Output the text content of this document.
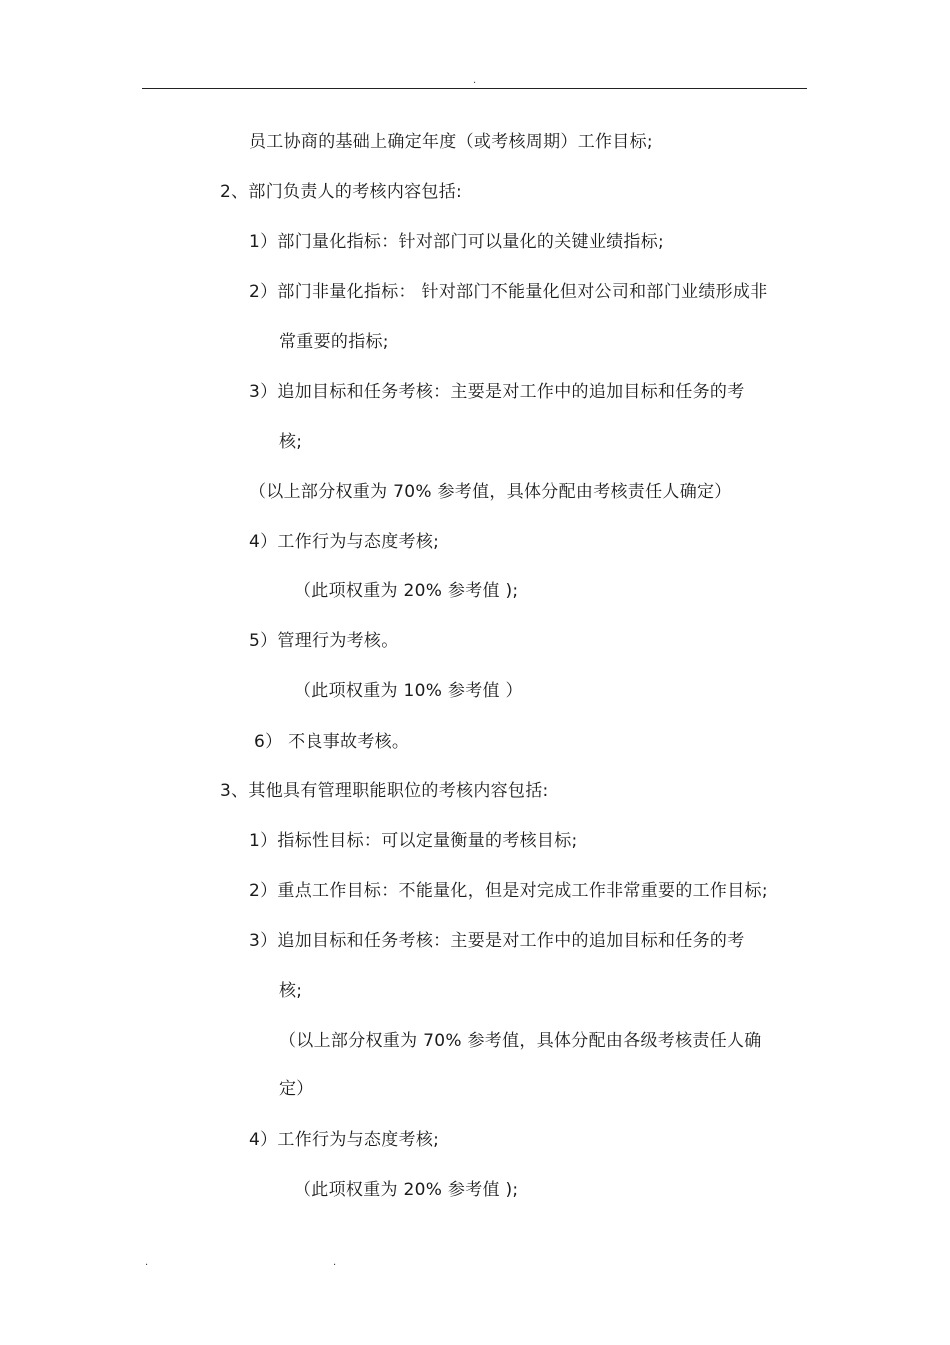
.
员工协商的基础上确定年度（或考核周期）工作目标;
2、部门负责人的考核内容包括:
1）部门量化指标：针对部门可以量化的关键业绩指标;
2）部门非量化指标： 针对部门不能量化但对公司和部门业绩形成非
常重要的指标;
3）追加目标和任务考核：主要是对工作中的追加目标和任务的考
核;
（以上部分权重为 70% 参考值，具体分配由考核责任人确定）
4）工作行为与态度考核;
（此项权重为 20% 参考值 );
5）管理行为考核。
（此项权重为 10% 参考值 ）
6） 不良事故考核。
3、其他具有管理职能职位的考核内容包括:
1）指标性目标：可以定量衡量的考核目标;
2）重点工作目标：不能量化，但是对完成工作非常重要的工作目标;
3）追加目标和任务考核：主要是对工作中的追加目标和任务的考
核;
（以上部分权重为 70% 参考值，具体分配由各级考核责任人确
定）
4）工作行为与态度考核;
（此项权重为 20% 参考值 );
.	.
